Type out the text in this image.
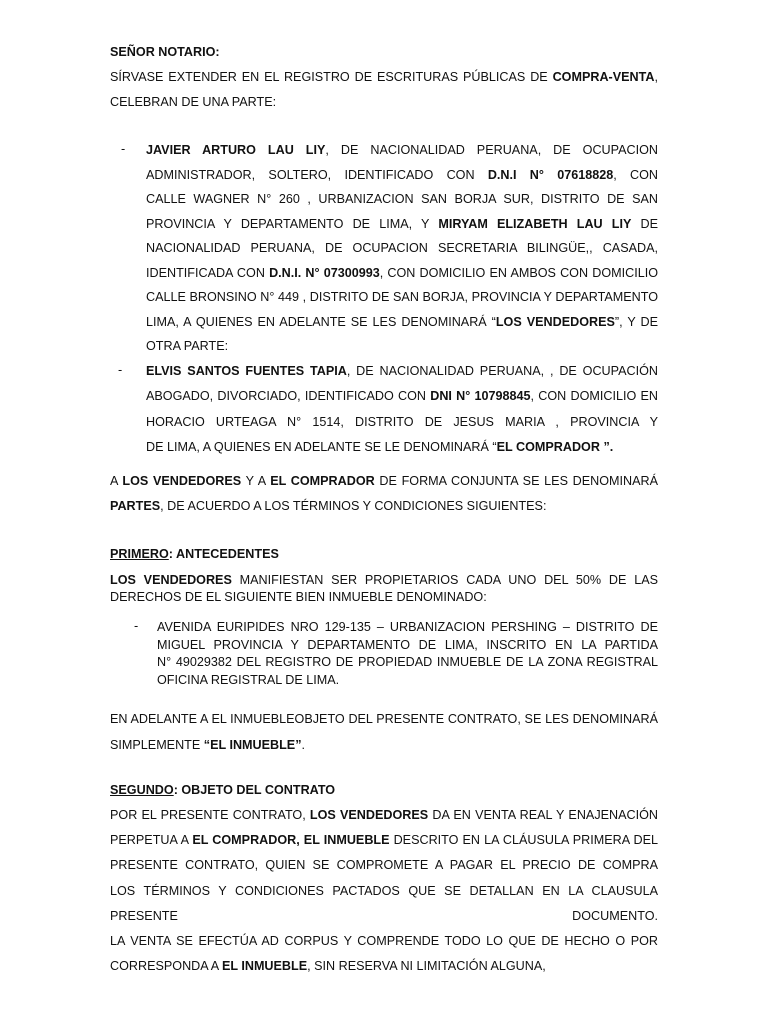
SEÑOR NOTARIO:
SÍRVASE EXTENDER EN EL REGISTRO DE ESCRITURAS PÚBLICAS DE COMPRA-VENTA,
CELEBRAN DE UNA PARTE:
- JAVIER ARTURO LAU LIY, DE NACIONALIDAD PERUANA, DE OCUPACION
ADMINISTRADOR, SOLTERO, IDENTIFICADO CON D.N.I N° 07618828, CON
CALLE WAGNER N° 260 , URBANIZACION SAN BORJA SUR, DISTRITO DE SAN
PROVINCIA Y DEPARTAMENTO DE LIMA, Y MIRYAM ELIZABETH LAU LIY DE
NACIONALIDAD PERUANA, DE OCUPACION SECRETARIA BILINGÜE,, CASADA,
IDENTIFICADA CON D.N.I. N° 07300993, CON DOMICILIO EN AMBOS CON DOMICILIO
CALLE BRONSINO N° 449 , DISTRITO DE SAN BORJA, PROVINCIA Y DEPARTAMENTO
LIMA, A QUIENES EN ADELANTE SE LES DENOMINARÁ “LOS VENDEDORES”, Y DE
OTRA PARTE:
- ELVIS SANTOS FUENTES TAPIA, DE NACIONALIDAD PERUANA, , DE OCUPACIÓN
ABOGADO, DIVORCIADO, IDENTIFICADO CON DNI N° 10798845, CON DOMICILIO EN
HORACIO URTEAGA N° 1514, DISTRITO DE JESUS MARIA , PROVINCIA Y
DE LIMA, A QUIENES EN ADELANTE SE LE DENOMINARÁ “EL COMPRADOR ”.
A LOS VENDEDORES Y A EL COMPRADOR DE FORMA CONJUNTA SE LES DENOMINARÁ
PARTES, DE ACUERDO A LOS TÉRMINOS Y CONDICIONES SIGUIENTES:
PRIMERO: ANTECEDENTES
LOS VENDEDORES MANIFIESTAN SER PROPIETARIOS CADA UNO DEL 50% DE LAS
DERECHOS DE EL SIGUIENTE BIEN INMUEBLE DENOMINADO:
- AVENIDA EURIPIDES NRO 129-135 – URBANIZACION PERSHING – DISTRITO DE
MIGUEL PROVINCIA Y DEPARTAMENTO DE LIMA, INSCRITO EN LA PARTIDA
N° 49029382 DEL REGISTRO DE PROPIEDAD INMUEBLE DE LA ZONA REGISTRAL
OFICINA REGISTRAL DE LIMA.
EN ADELANTE A EL INMUEBLEOBJETO DEL PRESENTE CONTRATO, SE LES DENOMINARÁ
SIMPLEMENTE “EL INMUEBLE”.
SEGUNDO: OBJETO DEL CONTRATO
POR EL PRESENTE CONTRATO, LOS VENDEDORES DA EN VENTA REAL Y ENAJENACIÓN
PERPETUA A EL COMPRADOR, EL INMUEBLE DESCRITO EN LA CLÁUSULA PRIMERA DEL
PRESENTE CONTRATO, QUIEN SE COMPROMETE A PAGAR EL PRECIO DE COMPRA
LOS TÉRMINOS Y CONDICIONES PACTADOS QUE SE DETALLAN EN LA CLAUSULA
PRESENTE DOCUMENTO.
LA VENTA SE EFECTÚA AD CORPUS Y COMPRENDE TODO LO QUE DE HECHO O POR
CORRESPONDA A EL INMUEBLE, SIN RESERVA NI LIMITACIÓN ALGUNA,
